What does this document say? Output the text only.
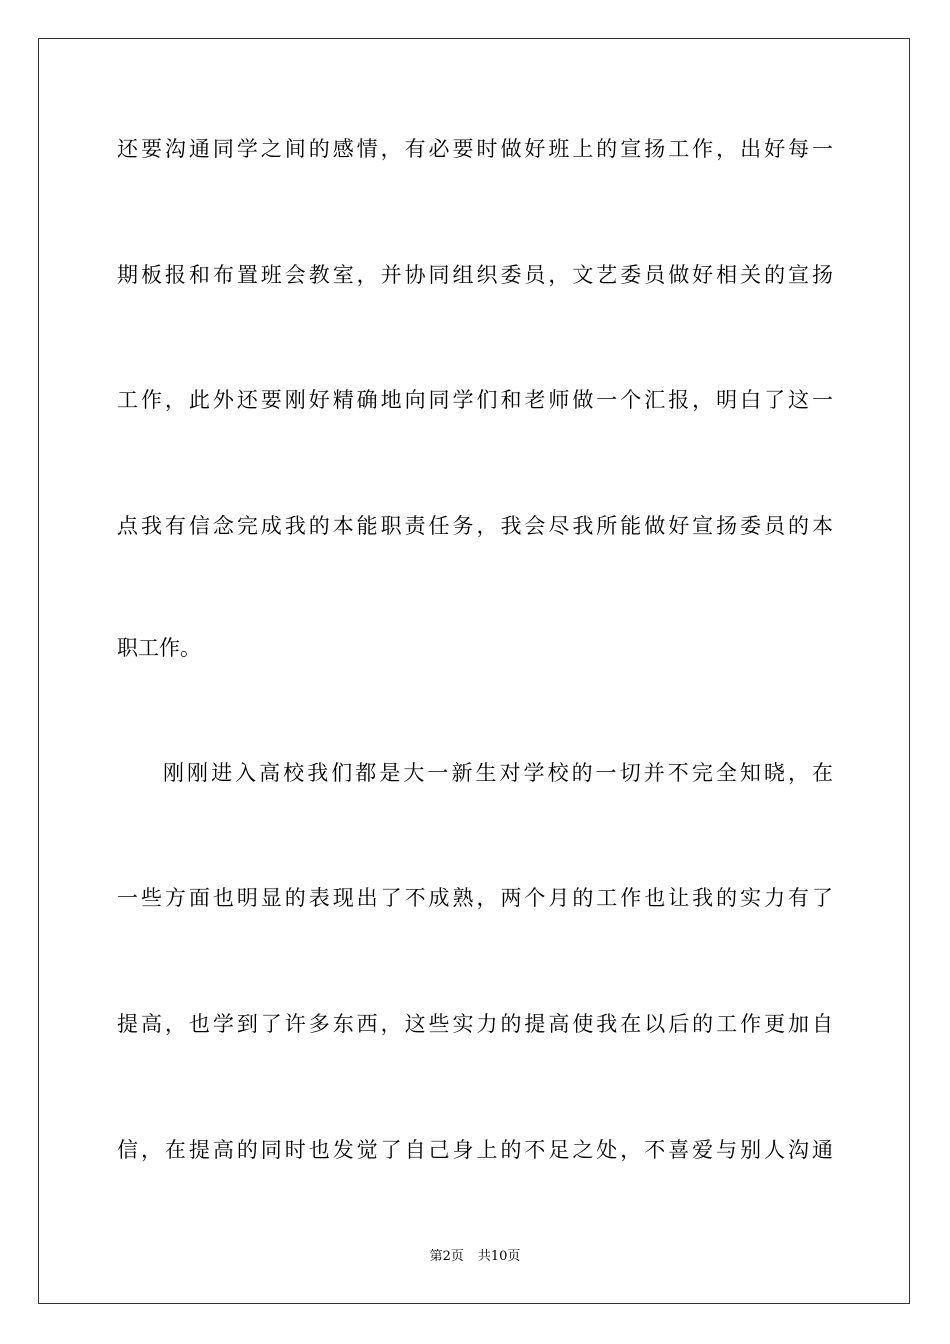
还要沟通同学之间的感情，有必要时做好班上的宣扬工作，出好每一
期板报和布置班会教室，并协同组织委员，文艺委员做好相关的宣扬
工作，此外还要刚好精确地向同学们和老师做一个汇报，明白了这一
点我有信念完成我的本能职责任务，我会尽我所能做好宣扬委员的本
职工作。
刚刚进入高校我们都是大一新生对学校的一切并不完全知晓，在
一些方面也明显的表现出了不成熟，两个月的工作也让我的实力有了
提高，也学到了许多东西，这些实力的提高使我在以后的工作更加自
信，在提高的同时也发觉了自己身上的不足之处，不喜爱与别人沟通
第2页 共10页
